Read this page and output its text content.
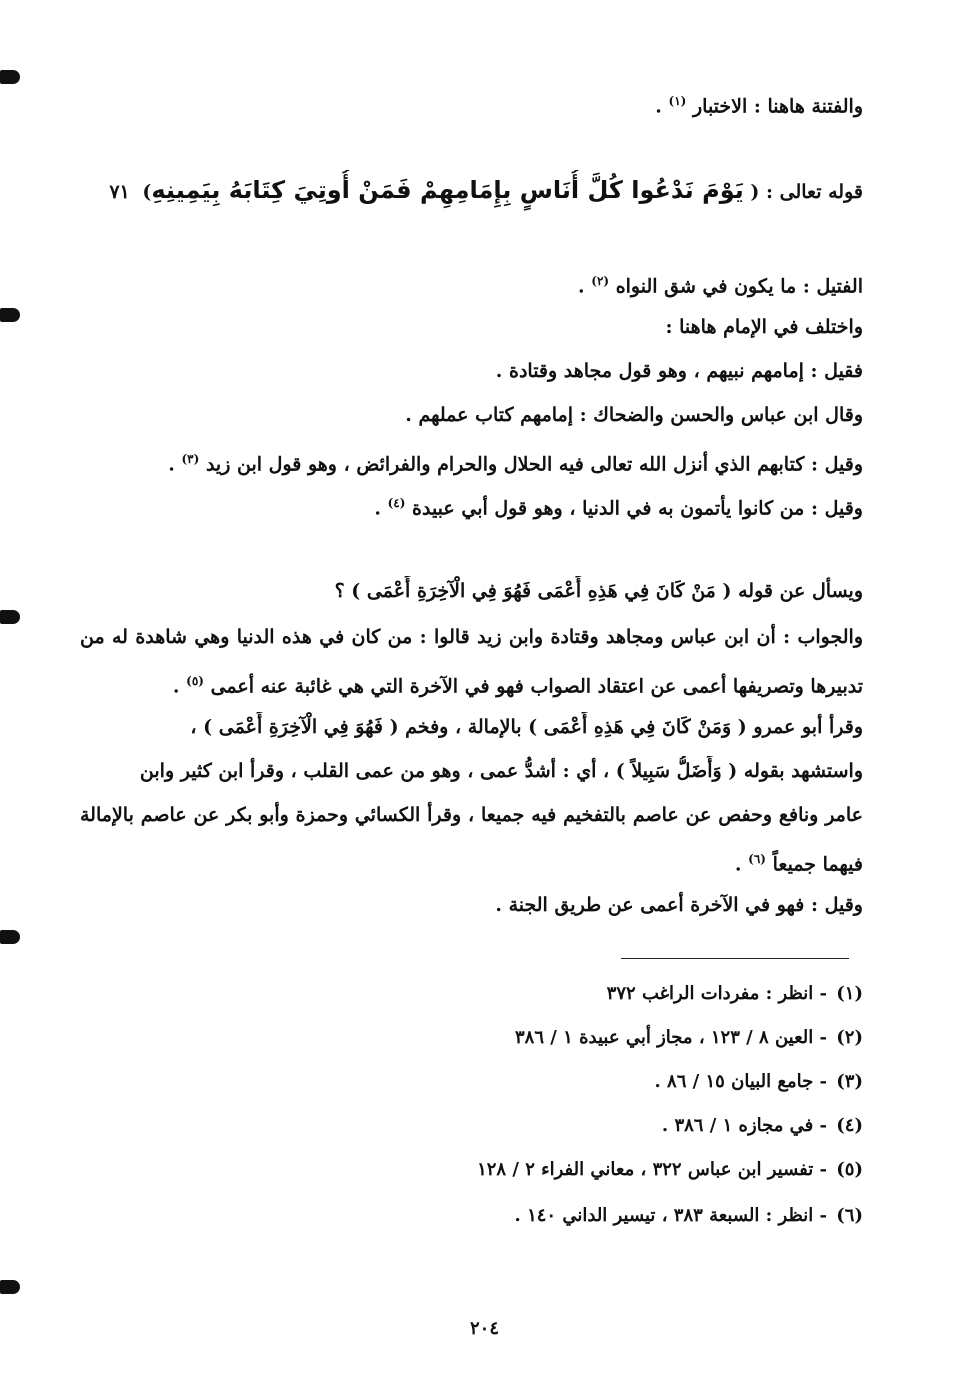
والفتنة هاهنا : الاختبار $^{(١)}$ .
قوله تعالى : ( يَوْمَ نَدْعُوا كُلَّ أُنَاسٍ بِإِمَامِهِمْ فَمَنْ أُوتِيَ كِتَابَهُ بِيَمِينِهِ) ٧١
الفتيل : ما يكون في شق النواه $^{(٢)}$ .
واختلف في الإمام هاهنا :
فقيل : إمامهم نبيهم ، وهو قول مجاهد وقتادة .
وقال ابن عباس والحسن والضحاك : إمامهم كتاب عملهم .
وقيل : كتابهم الذي أنزل الله تعالى فيه الحلال والحرام والفرائض ، وهو قول ابن زيد $^{(٣)}$ .
وقيل : من كانوا يأتمون به في الدنيا ، وهو قول أبي عبيدة $^{(٤)}$ .
ويسأل عن قوله ( مَنْ كَانَ فِي هَذِهِ أَعْمَى فَهُوَ فِي الْآخِرَةِ أَعْمَى ) ؟
والجواب : أن ابن عباس ومجاهد وقتادة وابن زيد قالوا : من كان في هذه الدنيا وهي شاهدة له من
تدبيرها وتصريفها أعمى عن اعتقاد الصواب فهو في الآخرة التي هي غائبة عنه أعمى $^{(٥)}$ .
وقرأ أبو عمرو ( وَمَنْ كَانَ فِي هَذِهِ أَعْمَى ) بالإمالة ، وفخم ( فَهُوَ فِي الْآخِرَةِ أَعْمَى ) ،
واستشهد بقوله ( وَأَضَلُّ سَبِيلاً ) ، أي : أشدُّ عمى ، وهو من عمى القلب ، وقرأ ابن كثير وابن
عامر ونافع وحفص عن عاصم بالتفخيم فيه جميعا ، وقرأ الكسائي وحمزة وأبو بكر عن عاصم بالإمالة
فيهما جميعاً $^{(٦)}$ .
وقيل : فهو في الآخرة أعمى عن طريق الجنة .
(١)- انظر : مفردات الراغب ٣٧٢
(٢)- العين ٨ / ١٢٣ ، مجاز أبي عبيدة ١ / ٣٨٦
(٣)- جامع البيان ١٥ / ٨٦ .
(٤)- في مجازه ١ / ٣٨٦ .
(٥)- تفسير ابن عباس ٣٢٢ ، معاني الفراء ٢ / ١٢٨
(٦)- انظر : السبعة ٣٨٣ ، تيسير الداني ١٤٠ .
٢٠٤
